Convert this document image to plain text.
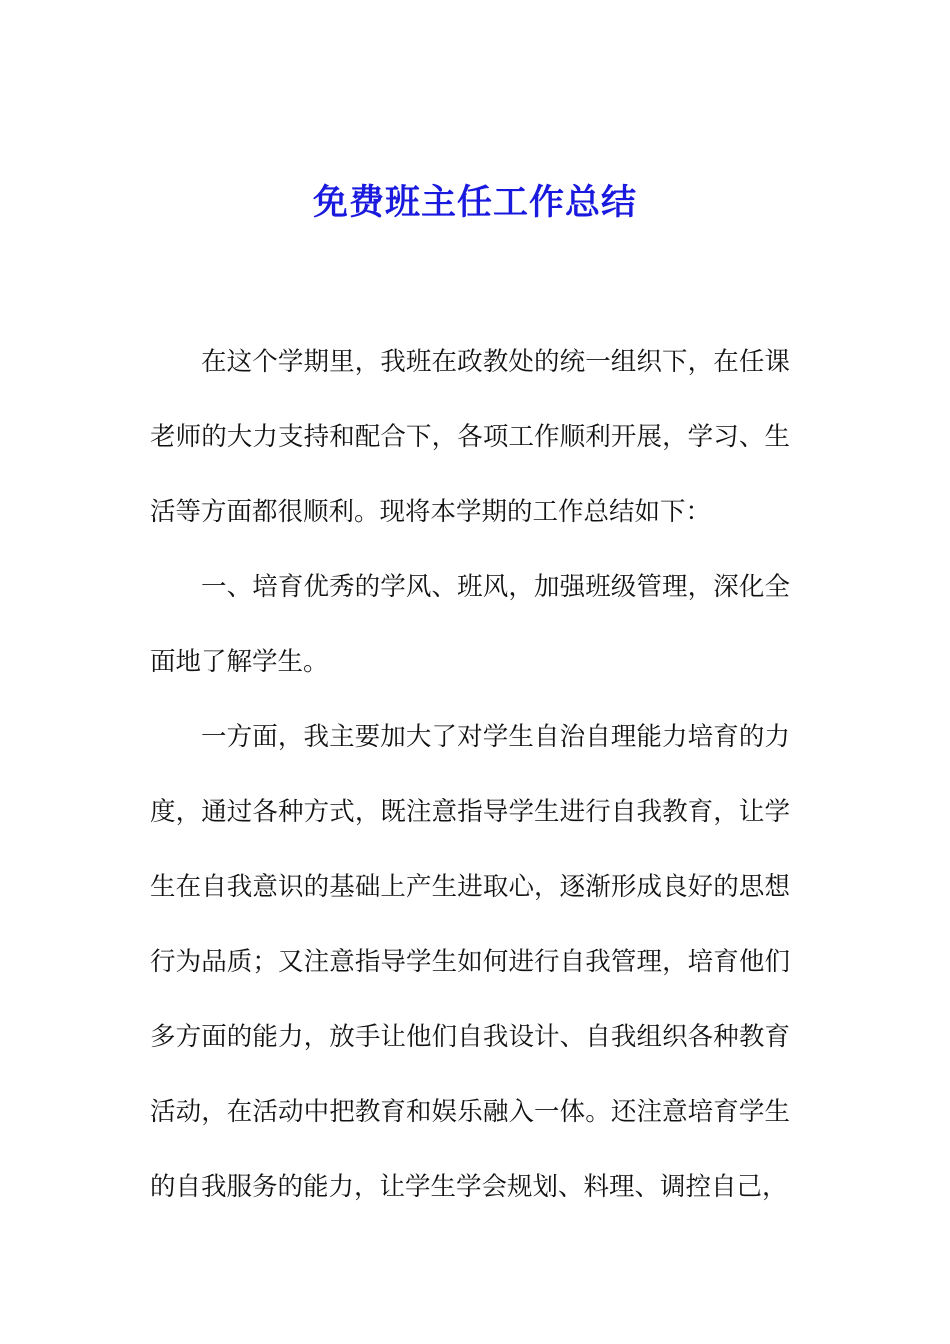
免费班主任工作总结

在这个学期里，我班在政教处的统一组织下，在任课老师的大力支持和配合下，各项工作顺利开展，学习、生活等方面都很顺利。现将本学期的工作总结如下：

一、培育优秀的学风、班风，加强班级管理，深化全面地了解学生。

一方面，我主要加大了对学生自治自理能力培育的力度，通过各种方式，既注意指导学生进行自我教育，让学生在自我意识的基础上产生进取心，逐渐形成良好的思想行为品质；又注意指导学生如何进行自我管理，培育他们多方面的能力，放手让他们自我设计、自我组织各种教育活动，在活动中把教育和娱乐融入一体。还注意培育学生的自我服务的能力，让学生学会规划、料理、调控自己，
